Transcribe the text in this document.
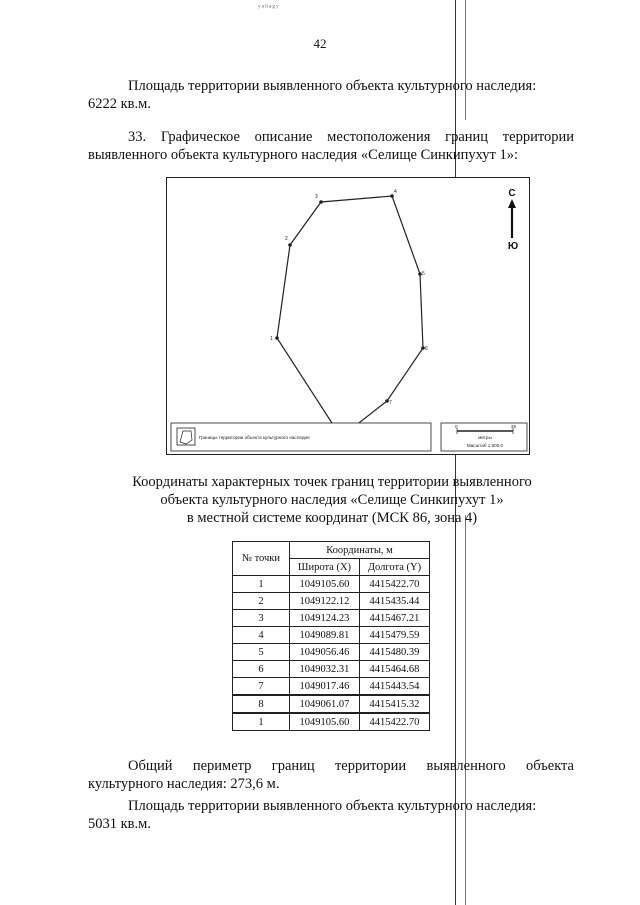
ʸᵃᵇᵃᵍʸ
42

Площадь территории выявленного объекта культурного наследия:

6222 кв.м.

33. Графическое описание местоположения границ территории

выявленного объекта культурного наследия «Селище Синкипухут 1»:

1
2
3
4
5
6
7
С
Ю
Границы территории объекта культурного наследия
0	25
метры
Масштаб 1:600,0

Координаты характерных точек границ территории выявленного

объекта культурного наследия «Селище Синкипухут 1»

в местной системе координат (МСК 86, зона 4)

№ точки	Координаты, м	
	Широта (X)	Долгота (Y)
1	1049105.60	4415422.70
2	1049122.12	4415435.44
3	1049124.23	4415467.21
4	1049089.81	4415479.59
5	1049056.46	4415480.39
6	1049032.31	4415464.68
7	1049017.46	4415443.54
8	1049061.07	4415415.32
1	1049105.60	4415422.70

Общий периметр границ территории выявленного объекта

культурного наследия: 273,6 м.

Площадь территории выявленного объекта культурного наследия:

5031 кв.м.
